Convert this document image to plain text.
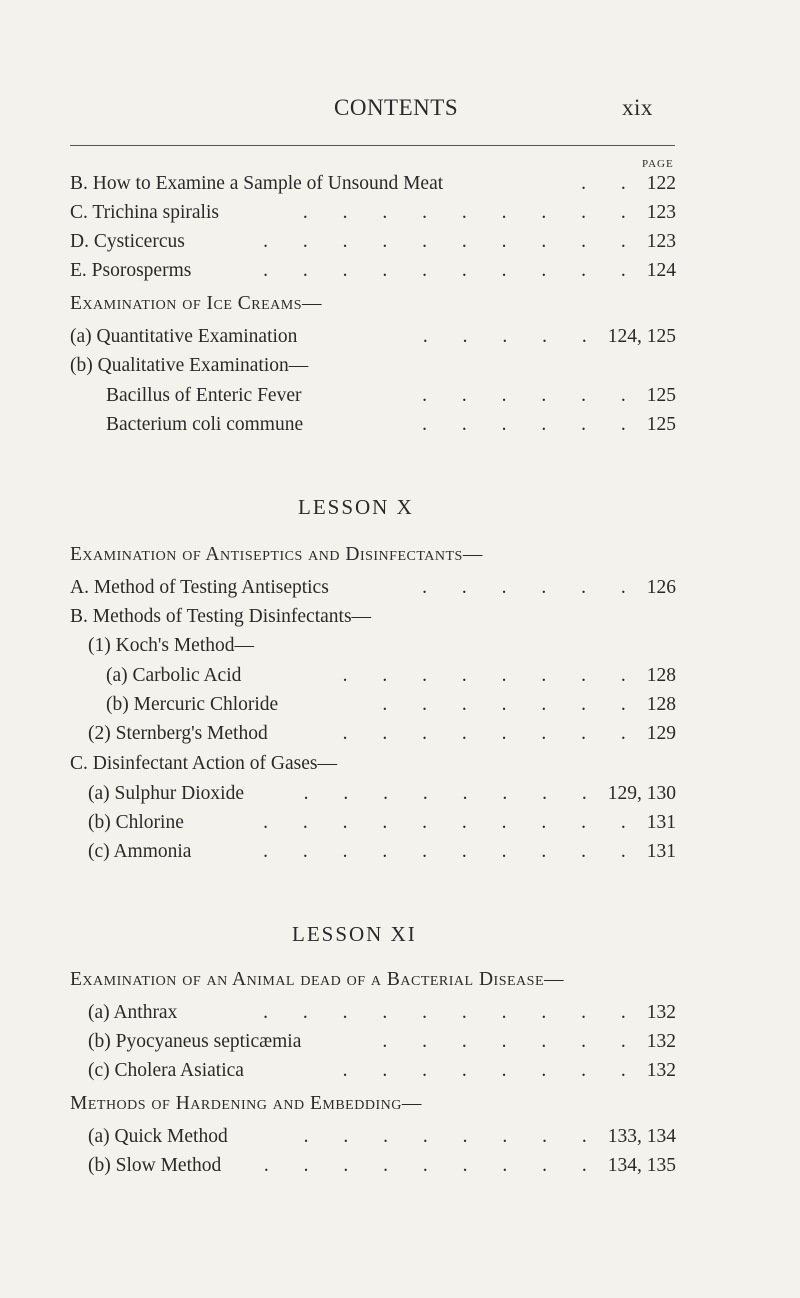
CONTENTS	xix
PAGE
B. How to Examine a Sample of Unsound Meat	. . 122
C. Trichina spiralis	. . . . . . . . . 123
D. Cysticercus	. . . . . . . . . . 123
E. Psorosperms	. . . . . . . . . . 124
Examination of Ice Creams—
(a) Quantitative Examination	. . . . . 124, 125
(b) Qualitative Examination—
Bacillus of Enteric Fever	. . . . . . 125
Bacterium coli commune	. . . . . . 125
LESSON X
Examination of Antiseptics and Disinfectants—
A. Method of Testing Antiseptics	. . . . . . 126
B. Methods of Testing Disinfectants—
(1) Koch's Method—
(a) Carbolic Acid	. . . . . . . . 128
(b) Mercuric Chloride	. . . . . . . 128
(2) Sternberg's Method	. . . . . . . . 129
C. Disinfectant Action of Gases—
(a) Sulphur Dioxide	. . . . . . . . 129, 130
(b) Chlorine	. . . . . . . . . . 131
(c) Ammonia	. . . . . . . . . . 131
LESSON XI
Examination of an Animal dead of a Bacterial Disease—
(a) Anthrax	. . . . . . . . . . 132
(b) Pyocyaneus septicæmia	. . . . . . . 132
(c) Cholera Asiatica	. . . . . . . . 132
Methods of Hardening and Embedding—
(a) Quick Method	. . . . . . . . 133, 134
(b) Slow Method	. . . . . . . . . 134, 135
